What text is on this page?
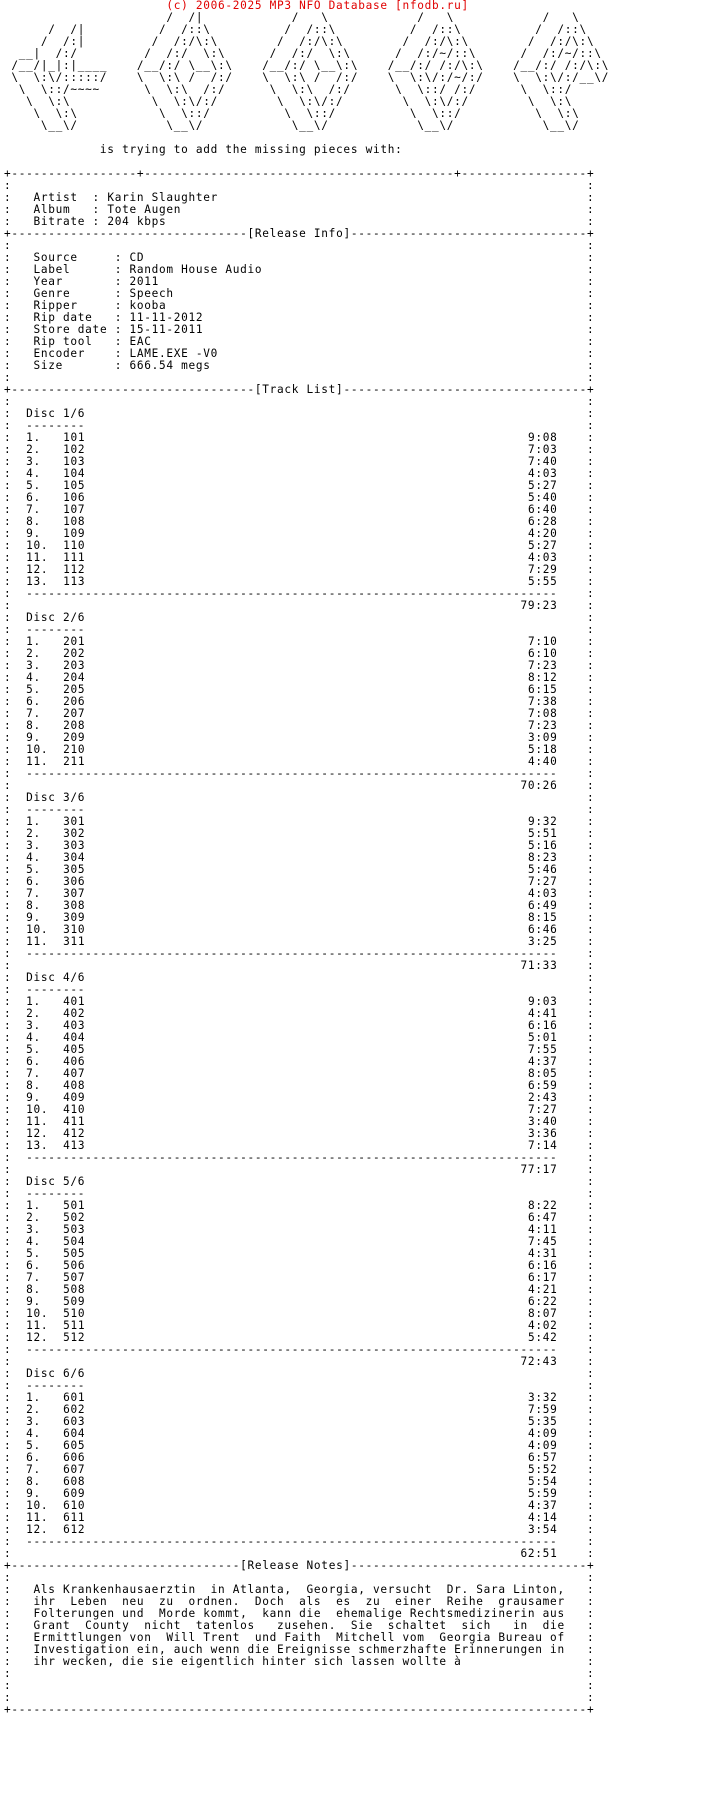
(c) 2006-2025 MP3 NFO Database [nfodb.ru]
/  /|            /   \            /   \            /   \
/  /|          /  /::\          /  /::\          /  /::\          /  /::\
/  /:|         /  /:/\:\        /  /:/\:\        /  /:/\:\        /  /:/\:\
__|  /:/         /  /:/  \:\      /  /:/  \:\      /  /:/~/::\      /  /:/~/::\
/__/|_|:|____    /__/:/ \__\:\    /__/:/ \__\:\    /__/:/ /:/\:\    /__/:/ /:/\:\
\  \:\/:::::/    \  \:\ /  /:/    \  \:\ /  /:/    \  \:\/:/~/:/    \  \:\/:/__\/
\  \::/~~~~      \  \:\  /:/      \  \:\  /:/      \  \::/ /:/      \  \::/
\  \:\           \  \:\/:/        \  \:\/:/        \  \:\/:/        \  \:\
\  \:\           \  \::/          \  \::/          \  \::/          \  \:\
\__\/            \__\/            \__\/            \__\/            \__\/
is trying to add the missing pieces with:
+-----------------+------------------------------------------+-----------------+
:	:
:   Artist  : Karin Slaughter	:
:   Album   : Tote Augen	:
:   Bitrate : 204 kbps	:
+--------------------------------[Release Info]--------------------------------+
:	:
:   Source     : CD	:
:   Label      : Random House Audio	:
:   Year       : 2011	:
:   Genre      : Speech	:
:   Ripper     : kooba	:
:   Rip date   : 11-11-2012	:
:   Store date : 15-11-2011	:
:   Rip tool   : EAC	:
:   Encoder    : LAME.EXE -V0	:
:   Size       : 666.54 megs	:
:	:
+---------------------------------[Track List]---------------------------------+
:	:
: Disc 1/6	:
:  --------	:
: 1. 101	9:08	:
: 2. 102	7:03	:
: 3. 103	7:40	:
: 4. 104	4:03	:
: 5. 105	5:27	:
: 6. 106	5:40	:
: 7. 107	6:40	:
: 8. 108	6:28	:
: 9. 109	4:20	:
: 10. 110	5:27	:
: 11. 111	4:03	:
: 12. 112	7:29	:
: 13. 113	5:55	:
:  ------------------------------------------------------------------------	:
:	79:23	:
: Disc 2/6	:
:  --------	:
: 1. 201	7:10	:
: 2. 202	6:10	:
: 3. 203	7:23	:
: 4. 204	8:12	:
: 5. 205	6:15	:
: 6. 206	7:38	:
: 7. 207	7:08	:
: 8. 208	7:23	:
: 9. 209	3:09	:
: 10. 210	5:18	:
: 11. 211	4:40	:
:  ------------------------------------------------------------------------	:
:	70:26	:
: Disc 3/6	:
:  --------	:
: 1. 301	9:32	:
: 2. 302	5:51	:
: 3. 303	5:16	:
: 4. 304	8:23	:
: 5. 305	5:46	:
: 6. 306	7:27	:
: 7. 307	4:03	:
: 8. 308	6:49	:
: 9. 309	8:15	:
: 10. 310	6:46	:
: 11. 311	3:25	:
:  ------------------------------------------------------------------------	:
:	71:33	:
: Disc 4/6	:
:  --------	:
: 1. 401	9:03	:
: 2. 402	4:41	:
: 3. 403	6:16	:
: 4. 404	5:01	:
: 5. 405	7:55	:
: 6. 406	4:37	:
: 7. 407	8:05	:
: 8. 408	6:59	:
: 9. 409	2:43	:
: 10. 410	7:27	:
: 11. 411	3:40	:
: 12. 412	3:36	:
: 13. 413	7:14	:
:  ------------------------------------------------------------------------	:
:	77:17	:
: Disc 5/6	:
:  --------	:
: 1. 501	8:22	:
: 2. 502	6:47	:
: 3. 503	4:11	:
: 4. 504	7:45	:
: 5. 505	4:31	:
: 6. 506	6:16	:
: 7. 507	6:17	:
: 8. 508	4:21	:
: 9. 509	6:22	:
: 10. 510	8:07	:
: 11. 511	4:02	:
: 12. 512	5:42	:
:  ------------------------------------------------------------------------	:
:	72:43	:
: Disc 6/6	:
:  --------	:
: 1. 601	3:32	:
: 2. 602	7:59	:
: 3. 603	5:35	:
: 4. 604	4:09	:
: 5. 605	4:09	:
: 6. 606	6:57	:
: 7. 607	5:52	:
: 8. 608	5:54	:
: 9. 609	5:59	:
: 10. 610	4:37	:
: 11. 611	4:14	:
: 12. 612	3:54	:
:  ------------------------------------------------------------------------	:
:	62:51	:
+-------------------------------[Release Notes]--------------------------------+
:	:
: Als Krankenhausaerztin  in Atlanta,  Georgia, versucht  Dr. Sara Linton, :
: ihr  Leben  neu  zu  ordnen.  Doch  als  es  zu  einer  Reihe  grausamer :
: Folterungen und  Morde kommt,  kann die  ehemalige Rechtsmedizinerin aus :
: Grant  County  nicht  tatenlos   zusehen.  Sie  schaltet  sich   in  die :
: Ermittlungen von  Will Trent  und Faith  Mitchell vom  Georgia Bureau of :
: Investigation ein, auch wenn die Ereignisse schmerzhafte Erinnerungen in :
: ihr wecken, die sie eigentlich hinter sich lassen wollte à	:
:	:
:	:
:	:
+------------------------------------------------------------------------------+
